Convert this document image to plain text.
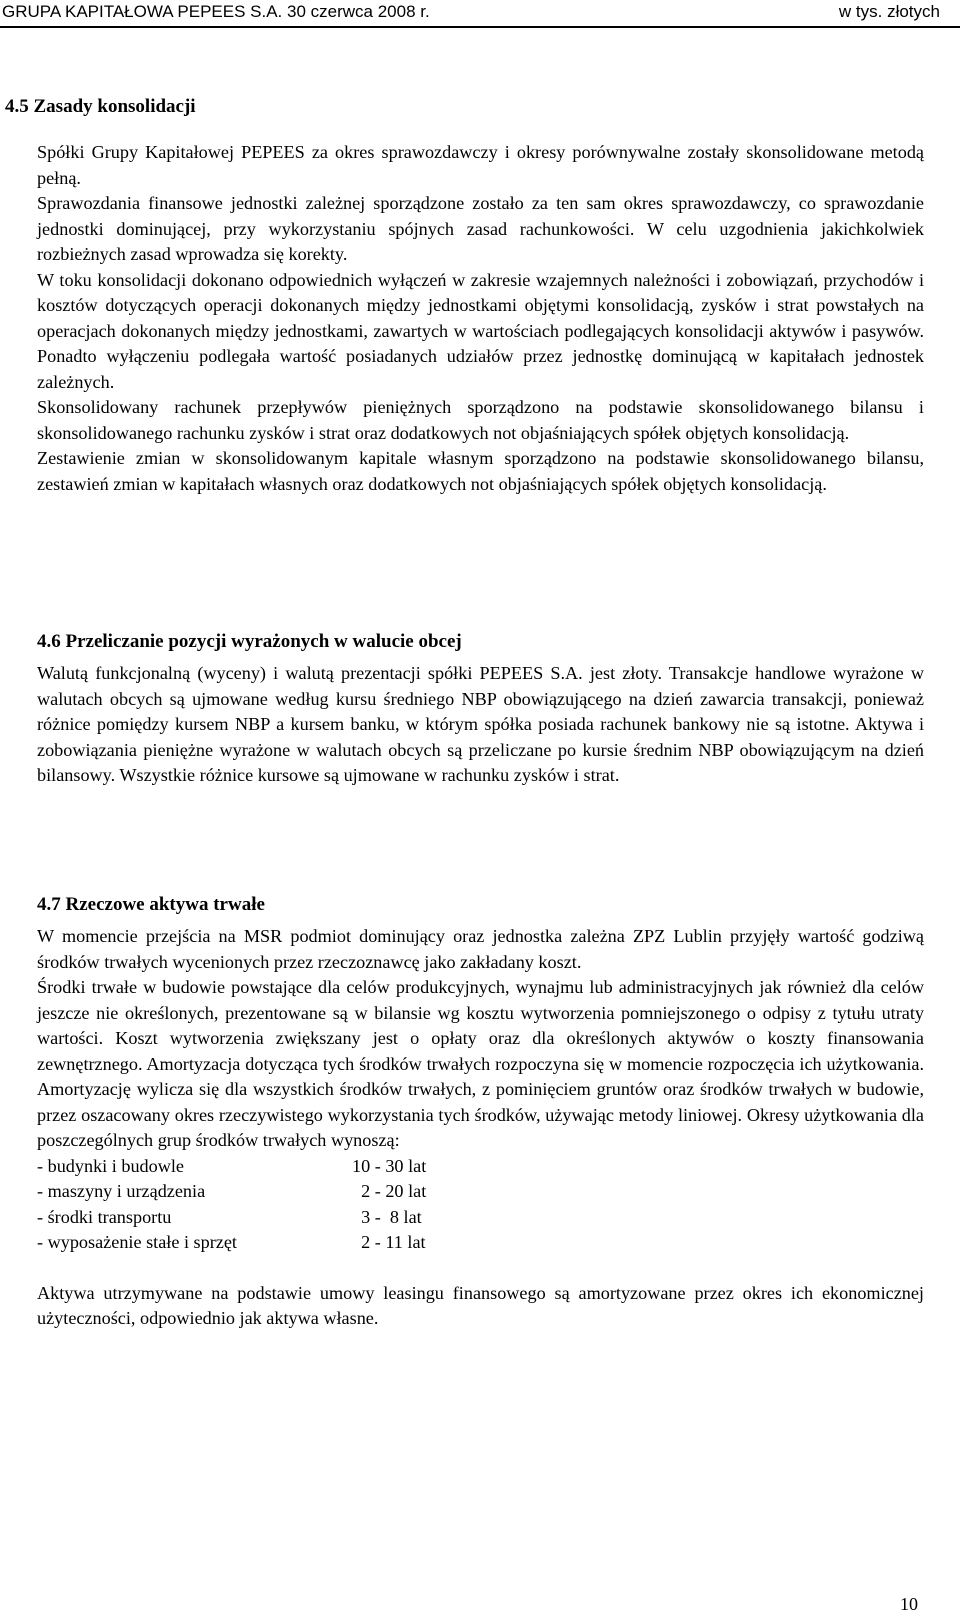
GRUPA KAPITAŁOWA PEPEES S.A. 30 czerwca 2008 r.	w tys. złotych
4.5 Zasady konsolidacji

Spółki Grupy Kapitałowej PEPEES za okres sprawozdawczy i okresy porównywalne zostały skonsolidowane metodą pełną.

Sprawozdania finansowe jednostki zależnej sporządzone zostało za ten sam okres sprawozdawczy, co sprawozdanie jednostki dominującej, przy wykorzystaniu spójnych zasad rachunkowości. W celu uzgodnienia jakichkolwiek rozbieżnych zasad wprowadza się korekty.

W toku konsolidacji dokonano odpowiednich wyłączeń w zakresie wzajemnych należności i zobowiązań, przychodów i kosztów dotyczących operacji dokonanych między jednostkami objętymi konsolidacją, zysków i strat powstałych na operacjach dokonanych między jednostkami, zawartych w wartościach podlegających konsolidacji aktywów i pasywów. Ponadto wyłączeniu podlegała wartość posiadanych udziałów przez jednostkę dominującą w kapitałach jednostek zależnych.

Skonsolidowany rachunek przepływów pieniężnych sporządzono na podstawie skonsolidowanego bilansu i skonsolidowanego rachunku zysków i strat oraz dodatkowych not objaśniających spółek objętych konsolidacją.

Zestawienie zmian w skonsolidowanym kapitale własnym sporządzono na podstawie skonsolidowanego bilansu, zestawień zmian w kapitałach własnych oraz dodatkowych not objaśniających spółek objętych konsolidacją.

4.6 Przeliczanie pozycji wyrażonych w walucie obcej

Walutą funkcjonalną (wyceny) i walutą prezentacji spółki PEPEES S.A. jest złoty. Transakcje handlowe wyrażone w walutach obcych są ujmowane według kursu średniego NBP obowiązującego na dzień zawarcia transakcji, ponieważ różnice pomiędzy kursem NBP a kursem banku, w którym spółka posiada rachunek bankowy nie są istotne. Aktywa i zobowiązania pieniężne wyrażone w walutach obcych są przeliczane po kursie średnim NBP obowiązującym na dzień bilansowy. Wszystkie różnice kursowe są ujmowane w rachunku zysków i strat.

4.7 Rzeczowe aktywa trwałe

W momencie przejścia na MSR podmiot dominujący oraz jednostka zależna ZPZ Lublin przyjęły wartość godziwą środków trwałych wycenionych przez rzeczoznawcę jako zakładany koszt.

Środki trwałe w budowie powstające dla celów produkcyjnych, wynajmu lub administracyjnych jak również dla celów jeszcze nie określonych, prezentowane są w bilansie wg kosztu wytworzenia pomniejszonego o odpisy z tytułu utraty wartości. Koszt wytworzenia zwiększany jest o opłaty oraz dla określonych aktywów o koszty finansowania zewnętrznego. Amortyzacja dotycząca tych środków trwałych rozpoczyna się w momencie rozpoczęcia ich użytkowania. Amortyzację wylicza się dla wszystkich środków trwałych, z pominięciem gruntów oraz środków trwałych w budowie, przez oszacowany okres rzeczywistego wykorzystania tych środków, używając metody liniowej. Okresy użytkowania dla poszczególnych grup środków trwałych wynoszą:

- budynki i budowle	10 - 30 lat
- maszyny i urządzenia	2 - 20 lat
- środki transportu	3 -  8 lat
- wyposażenie stałe i sprzęt	2 - 11 lat

Aktywa utrzymywane na podstawie umowy leasingu finansowego są amortyzowane przez okres ich ekonomicznej użyteczności, odpowiednio jak aktywa własne.

10
